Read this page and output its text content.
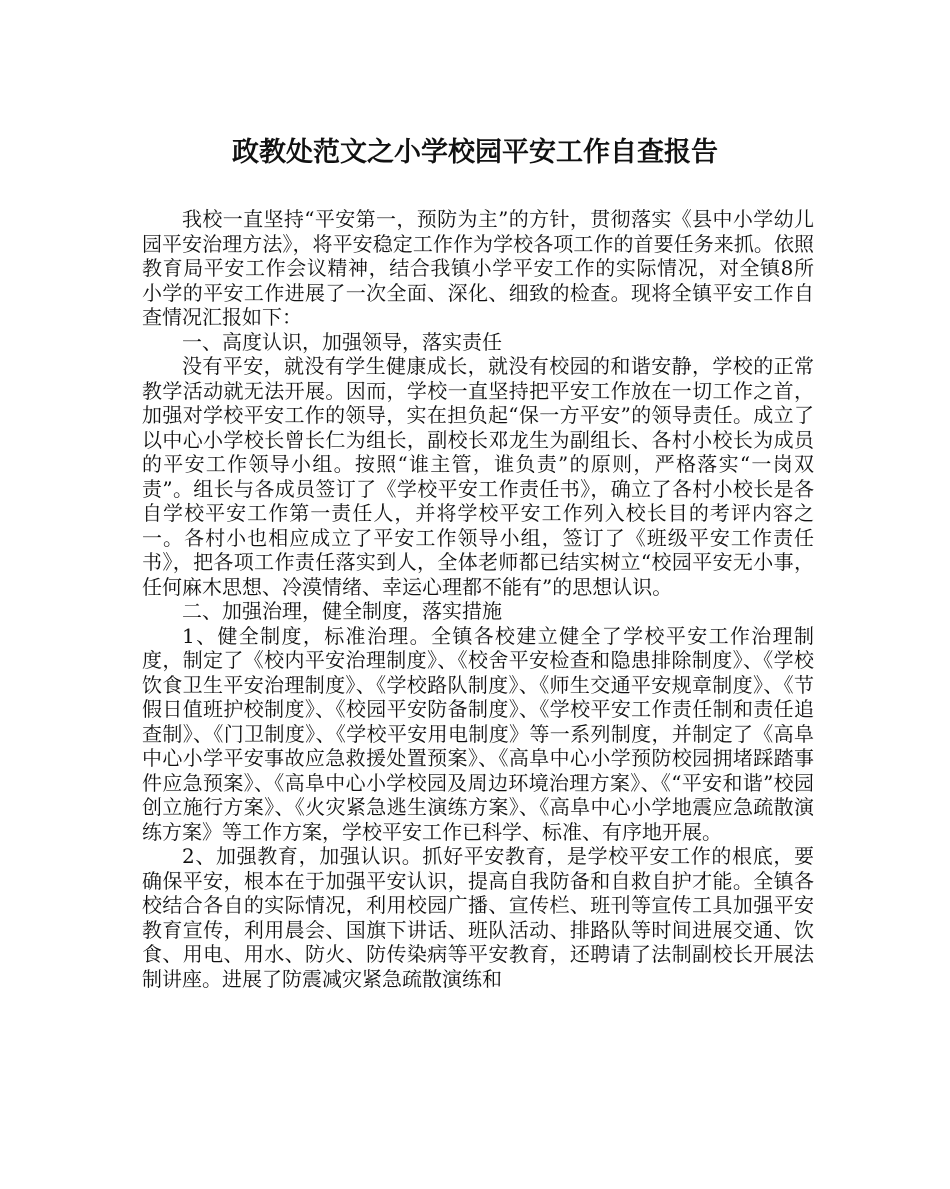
政教处范文之小学校园平安工作自查报告

我校一直坚持“平安第一，预防为主”的方针，贯彻落实《县中小学幼儿园平安治理方法》，将平安稳定工作作为学校各项工作的首要任务来抓。依照教育局平安工作会议精神，结合我镇小学平安工作的实际情况，对全镇8所小学的平安工作进展了一次全面、深化、细致的检查。现将全镇平安工作自查情况汇报如下：

一、高度认识，加强领导，落实责任

没有平安，就没有学生健康成长，就没有校园的和谐安静，学校的正常教学活动就无法开展。因而，学校一直坚持把平安工作放在一切工作之首，加强对学校平安工作的领导，实在担负起“保一方平安”的领导责任。成立了以中心小学校长曾长仁为组长，副校长邓龙生为副组长、各村小校长为成员的平安工作领导小组。按照“谁主管，谁负责”的原则，严格落实“一岗双责”。组长与各成员签订了《学校平安工作责任书》，确立了各村小校长是各自学校平安工作第一责任人，并将学校平安工作列入校长目的考评内容之一。各村小也相应成立了平安工作领导小组，签订了《班级平安工作责任书》，把各项工作责任落实到人，全体老师都已结实树立“校园平安无小事，任何麻木思想、冷漠情绪、幸运心理都不能有”的思想认识。

二、加强治理，健全制度，落实措施

1、健全制度，标准治理。全镇各校建立健全了学校平安工作治理制度，制定了《校内平安治理制度》、《校舍平安检查和隐患排除制度》、《学校饮食卫生平安治理制度》、《学校路队制度》、《师生交通平安规章制度》、《节假日值班护校制度》、《校园平安防备制度》、《学校平安工作责任制和责任追查制》、《门卫制度》、《学校平安用电制度》等一系列制度，并制定了《高阜中心小学平安事故应急救援处置预案》、《高阜中心小学预防校园拥堵踩踏事件应急预案》、《高阜中心小学校园及周边环境治理方案》、《“平安和谐”校园创立施行方案》、《火灾紧急逃生演练方案》、《高阜中心小学地震应急疏散演练方案》等工作方案，学校平安工作已科学、标准、有序地开展。

2、加强教育，加强认识。抓好平安教育，是学校平安工作的根底，要确保平安，根本在于加强平安认识，提高自我防备和自救自护才能。全镇各校结合各自的实际情况，利用校园广播、宣传栏、班刊等宣传工具加强平安教育宣传，利用晨会、国旗下讲话、班队活动、排路队等时间进展交通、饮食、用电、用水、防火、防传染病等平安教育，还聘请了法制副校长开展法制讲座。进展了防震减灾紧急疏散演练和
